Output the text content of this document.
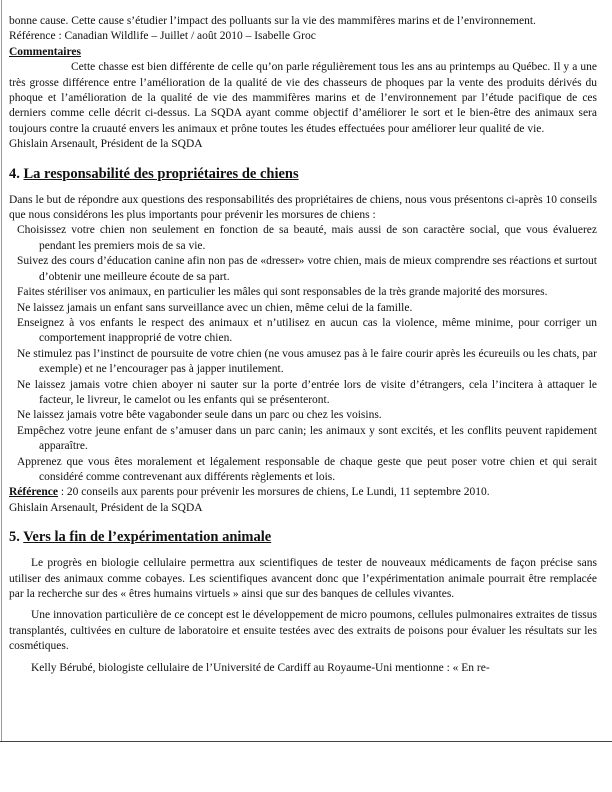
bonne cause. Cette cause s’étudier l’impact des polluants sur la vie des mammifères marins et de l’environnement.

Référence : Canadian Wildlife – Juillet / août 2010 – Isabelle Groc

Commentaires

Cette chasse est bien différente de celle qu’on parle régulièrement tous les ans au printemps au Québec. Il y a une très grosse différence entre l’amélioration de la qualité de vie des chasseurs de phoques par la vente des produits dérivés du phoque et l’amélioration de la qualité de vie des mammifères marins et de l’environnement par l’étude pacifique de ces derniers comme celle décrit ci-dessus. La SQDA ayant comme objectif d’améliorer le sort et le bien-être des animaux sera toujours contre la cruauté envers les animaux et prône toutes les études effectuées pour améliorer leur qualité de vie.

Ghislain Arsenault, Président de la SQDA

4. La responsabilité des propriétaires de chiens

Dans le but de répondre aux questions des responsabilités des propriétaires de chiens, nous vous présentons ci-après 10 conseils que nous considérons les plus importants pour prévenir les morsures de chiens :

Choisissez votre chien non seulement en fonction de sa beauté, mais aussi de son caractère social, que vous évaluerez pendant les premiers mois de sa vie.

Suivez des cours d’éducation canine afin non pas de «dresser» votre chien, mais de mieux comprendre ses réactions et surtout d’obtenir une meilleure écoute de sa part.

Faites stériliser vos animaux, en particulier les mâles qui sont responsables de la très grande majorité des morsures.

Ne laissez jamais un enfant sans surveillance avec un chien, même celui de la famille.

Enseignez à vos enfants le respect des animaux et n’utilisez en aucun cas la violence, même minime, pour corriger un comportement inapproprié de votre chien.

Ne stimulez pas l’instinct de poursuite de votre chien (ne vous amusez pas à le faire courir après les écureuils ou les chats, par exemple) et ne l’encourager pas à japper inutilement.

Ne laissez jamais votre chien aboyer ni sauter sur la porte d’entrée lors de visite d’étrangers, cela l’incitera à attaquer le facteur, le livreur, le camelot ou les enfants qui se présenteront.

Ne laissez jamais votre bête vagabonder seule dans un parc ou chez les voisins.

Empêchez votre jeune enfant de s’amuser dans un parc canin; les animaux y sont excités, et les conflits peuvent rapidement apparaître.

Apprenez que vous êtes moralement et légalement responsable de chaque geste que peut poser votre chien et qui serait considéré comme contrevenant aux différents règlements et lois.

Référence : 20 conseils aux parents pour prévenir les morsures de chiens, Le Lundi, 11 septembre 2010.

Ghislain Arsenault, Président de la SQDA

5. Vers la fin de l’expérimentation animale

Le progrès en biologie cellulaire permettra aux scientifiques de tester de nouveaux médicaments de façon précise sans utiliser des animaux comme cobayes. Les scientifiques avancent donc que l’expérimentation animale pourrait être remplacée par la recherche sur des « êtres humains virtuels » ainsi que sur des banques de cellules vivantes.

Une innovation particulière de ce concept est le développement de micro poumons, cellules pulmonaires extraites de tissus transplantés, cultivées en culture de laboratoire et ensuite testées avec des extraits de poisons pour évaluer les résultats sur les cosmétiques.

Kelly Bérubé, biologiste cellulaire de l’Université de Cardiff au Royaume-Uni mentionne : « En re-
